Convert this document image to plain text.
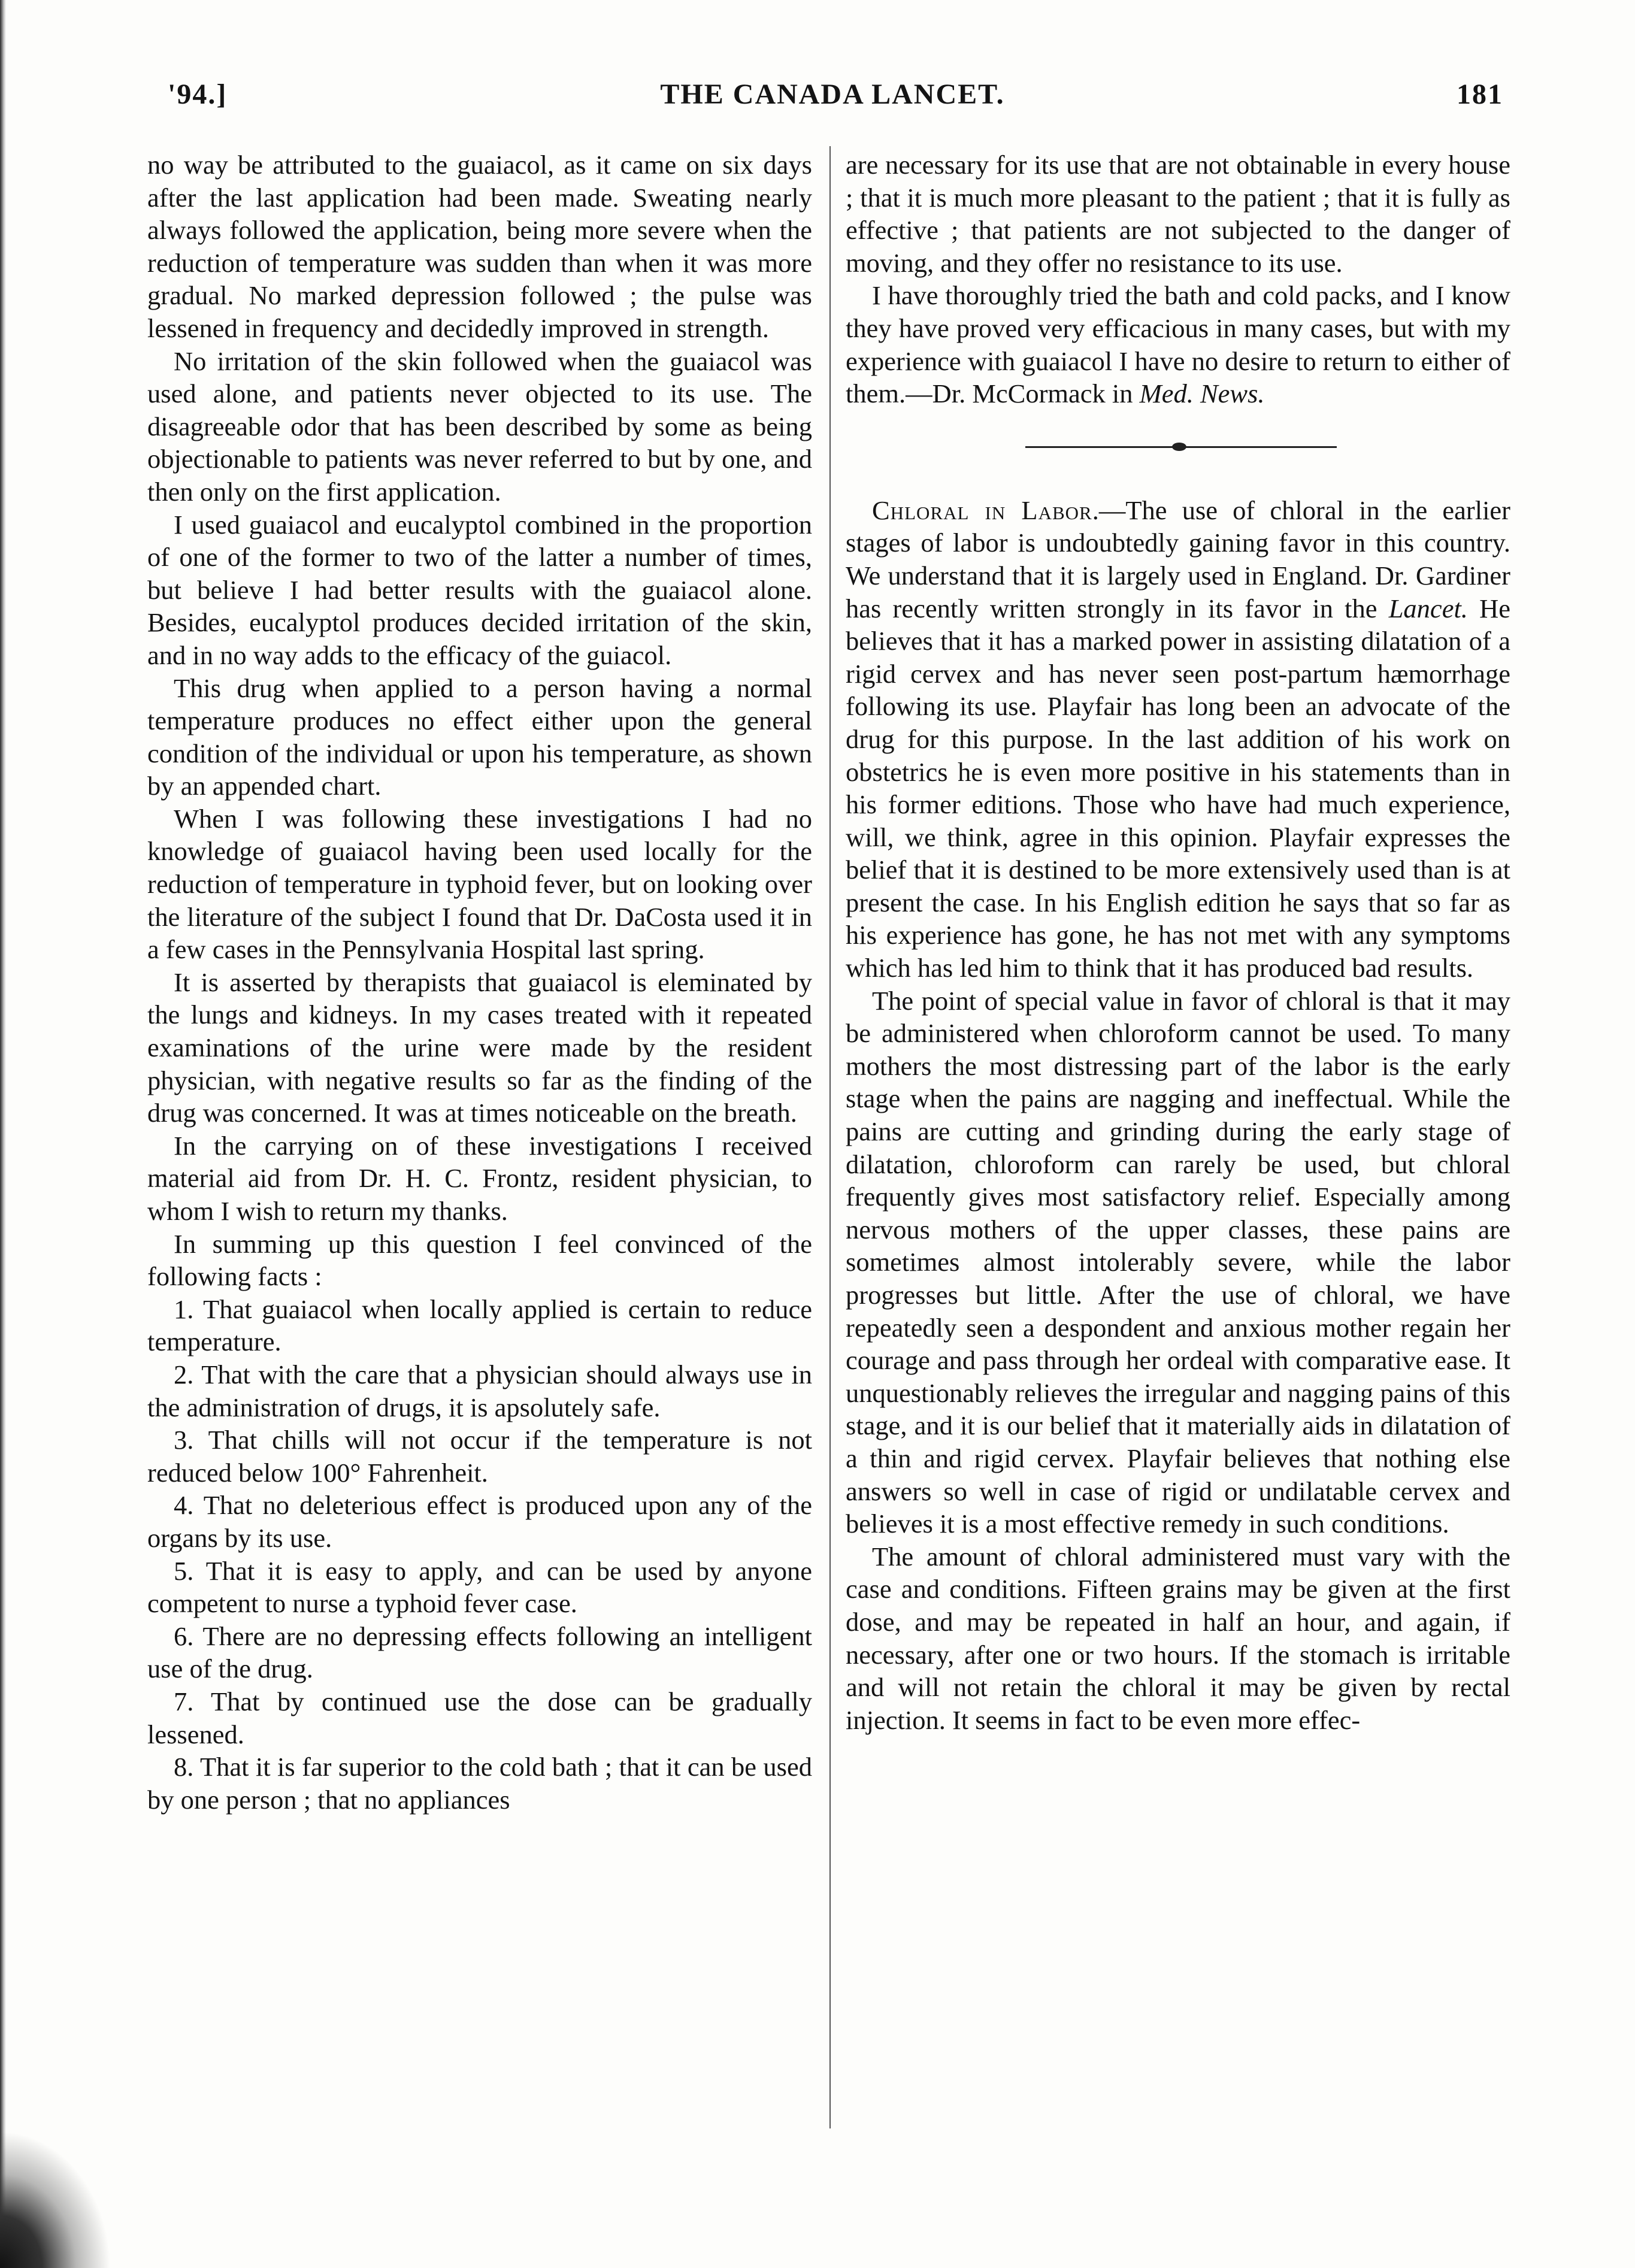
'94.]	THE CANADA LANCET.	181

no way be attributed to the guaiacol, as it came on six days after the last application had been made. Sweating nearly always followed the application, being more severe when the reduction of temperature was sudden than when it was more gradual. No marked depression followed ; the pulse was lessened in frequency and decidedly improved in strength.

No irritation of the skin followed when the guaiacol was used alone, and patients never objected to its use. The disagreeable odor that has been described by some as being objectionable to patients was never referred to but by one, and then only on the first application.

I used guaiacol and eucalyptol combined in the proportion of one of the former to two of the latter a number of times, but believe I had better results with the guaiacol alone. Besides, eucalyptol produces decided irritation of the skin, and in no way adds to the efficacy of the guiacol.

This drug when applied to a person having a normal temperature produces no effect either upon the general condition of the individual or upon his temperature, as shown by an appended chart.

When I was following these investigations I had no knowledge of guaiacol having been used locally for the reduction of temperature in typhoid fever, but on looking over the literature of the subject I found that Dr. DaCosta used it in a few cases in the Pennsylvania Hospital last spring.

It is asserted by therapists that guaiacol is eleminated by the lungs and kidneys. In my cases treated with it repeated examinations of the urine were made by the resident physician, with negative results so far as the finding of the drug was concerned. It was at times noticeable on the breath.

In the carrying on of these investigations I received material aid from Dr. H. C. Frontz, resident physician, to whom I wish to return my thanks.

In summing up this question I feel convinced of the following facts :

1. That guaiacol when locally applied is certain to reduce temperature.
2. That with the care that a physician should always use in the administration of drugs, it is apsolutely safe.
3. That chills will not occur if the temperature is not reduced below 100° Fahrenheit.
4. That no deleterious effect is produced upon any of the organs by its use.
5. That it is easy to apply, and can be used by anyone competent to nurse a typhoid fever case.
6. There are no depressing effects following an intelligent use of the drug.
7. That by continued use the dose can be gradually lessened.
8. That it is far superior to the cold bath ; that it can be used by one person ; that no appliances

are necessary for its use that are not obtainable in every house ; that it is much more pleasant to the patient ; that it is fully as effective ; that patients are not subjected to the danger of moving, and they offer no resistance to its use.

I have thoroughly tried the bath and cold packs, and I know they have proved very efficacious in many cases, but with my experience with guaiacol I have no desire to return to either of them.—Dr. McCormack in Med. News.

Chloral in Labor.—The use of chloral in the earlier stages of labor is undoubtedly gaining favor in this country. We understand that it is largely used in England. Dr. Gardiner has recently written strongly in its favor in the Lancet. He believes that it has a marked power in assisting dilatation of a rigid cervex and has never seen post-partum hæmorrhage following its use. Playfair has long been an advocate of the drug for this purpose. In the last addition of his work on obstetrics he is even more positive in his statements than in his former editions. Those who have had much experience, will, we think, agree in this opinion. Playfair expresses the belief that it is destined to be more extensively used than is at present the case. In his English edition he says that so far as his experience has gone, he has not met with any symptoms which has led him to think that it has produced bad results.

The point of special value in favor of chloral is that it may be administered when chloroform cannot be used. To many mothers the most distressing part of the labor is the early stage when the pains are nagging and ineffectual. While the pains are cutting and grinding during the early stage of dilatation, chloroform can rarely be used, but chloral frequently gives most satisfactory relief. Especially among nervous mothers of the upper classes, these pains are sometimes almost intolerably severe, while the labor progresses but little. After the use of chloral, we have repeatedly seen a despondent and anxious mother regain her courage and pass through her ordeal with comparative ease. It unquestionably relieves the irregular and nagging pains of this stage, and it is our belief that it materially aids in dilatation of a thin and rigid cervex. Playfair believes that nothing else answers so well in case of rigid or undilatable cervex and believes it is a most effective remedy in such conditions.

The amount of chloral administered must vary with the case and conditions. Fifteen grains may be given at the first dose, and may be repeated in half an hour, and again, if necessary, after one or two hours. If the stomach is irritable and will not retain the chloral it may be given by rectal injection. It seems in fact to be even more effec-
